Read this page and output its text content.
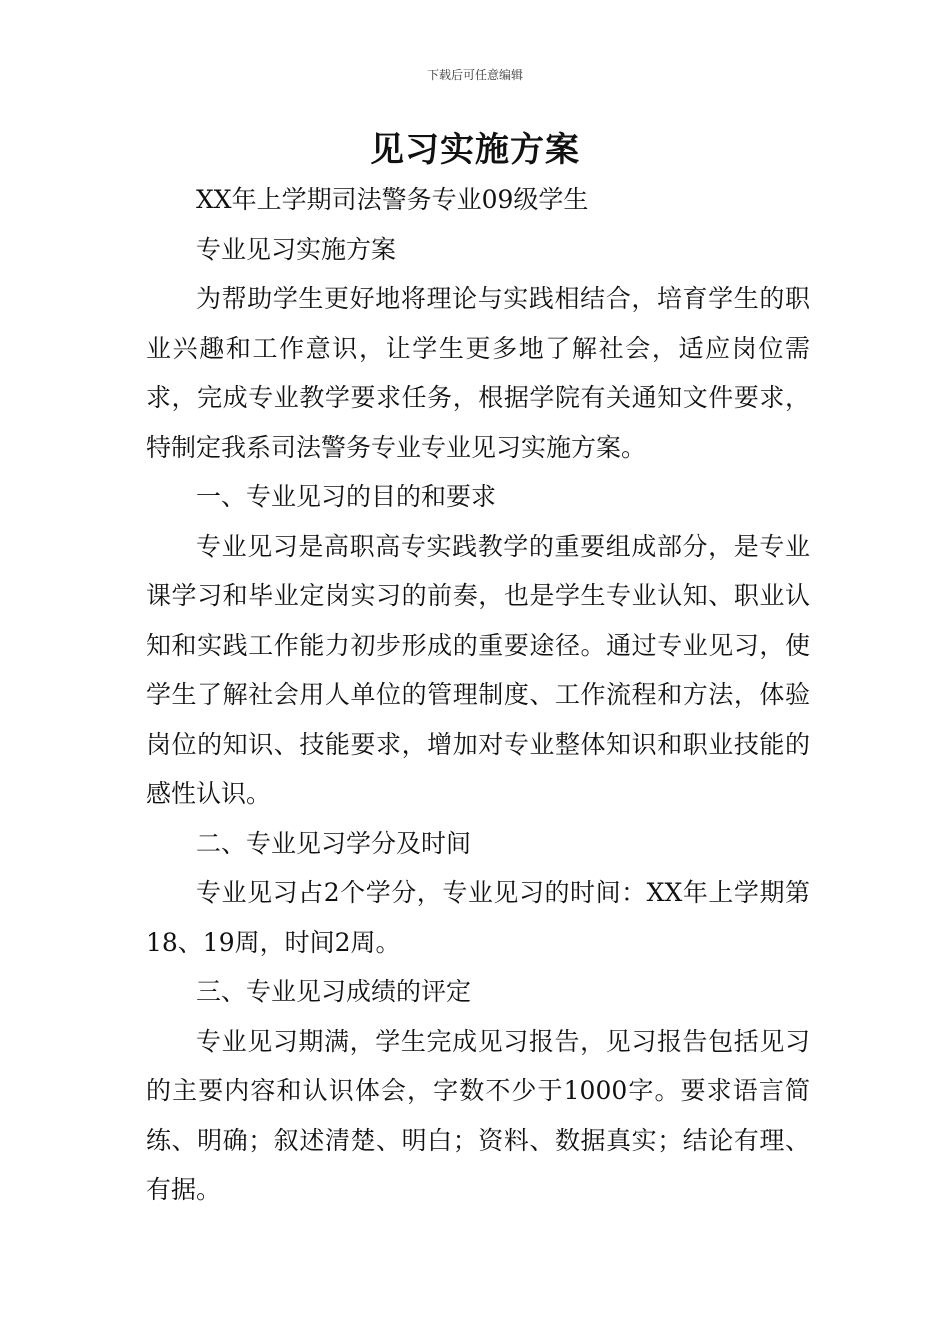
下载后可任意编辑
见习实施方案

XX年上学期司法警务专业09级学生

专业见习实施方案

为帮助学生更好地将理论与实践相结合，培育学生的职业兴趣和工作意识，让学生更多地了解社会，适应岗位需求，完成专业教学要求任务，根据学院有关通知文件要求，特制定我系司法警务专业专业见习实施方案。

一、专业见习的目的和要求

专业见习是高职高专实践教学的重要组成部分，是专业课学习和毕业定岗实习的前奏，也是学生专业认知、职业认知和实践工作能力初步形成的重要途径。通过专业见习，使学生了解社会用人单位的管理制度、工作流程和方法，体验岗位的知识、技能要求，增加对专业整体知识和职业技能的感性认识。

二、专业见习学分及时间

专业见习占2个学分，专业见习的时间：XX年上学期第18、19周，时间2周。

三、专业见习成绩的评定

专业见习期满，学生完成见习报告，见习报告包括见习的主要内容和认识体会，字数不少于1000字。要求语言简练、明确；叙述清楚、明白；资料、数据真实；结论有理、有据。
